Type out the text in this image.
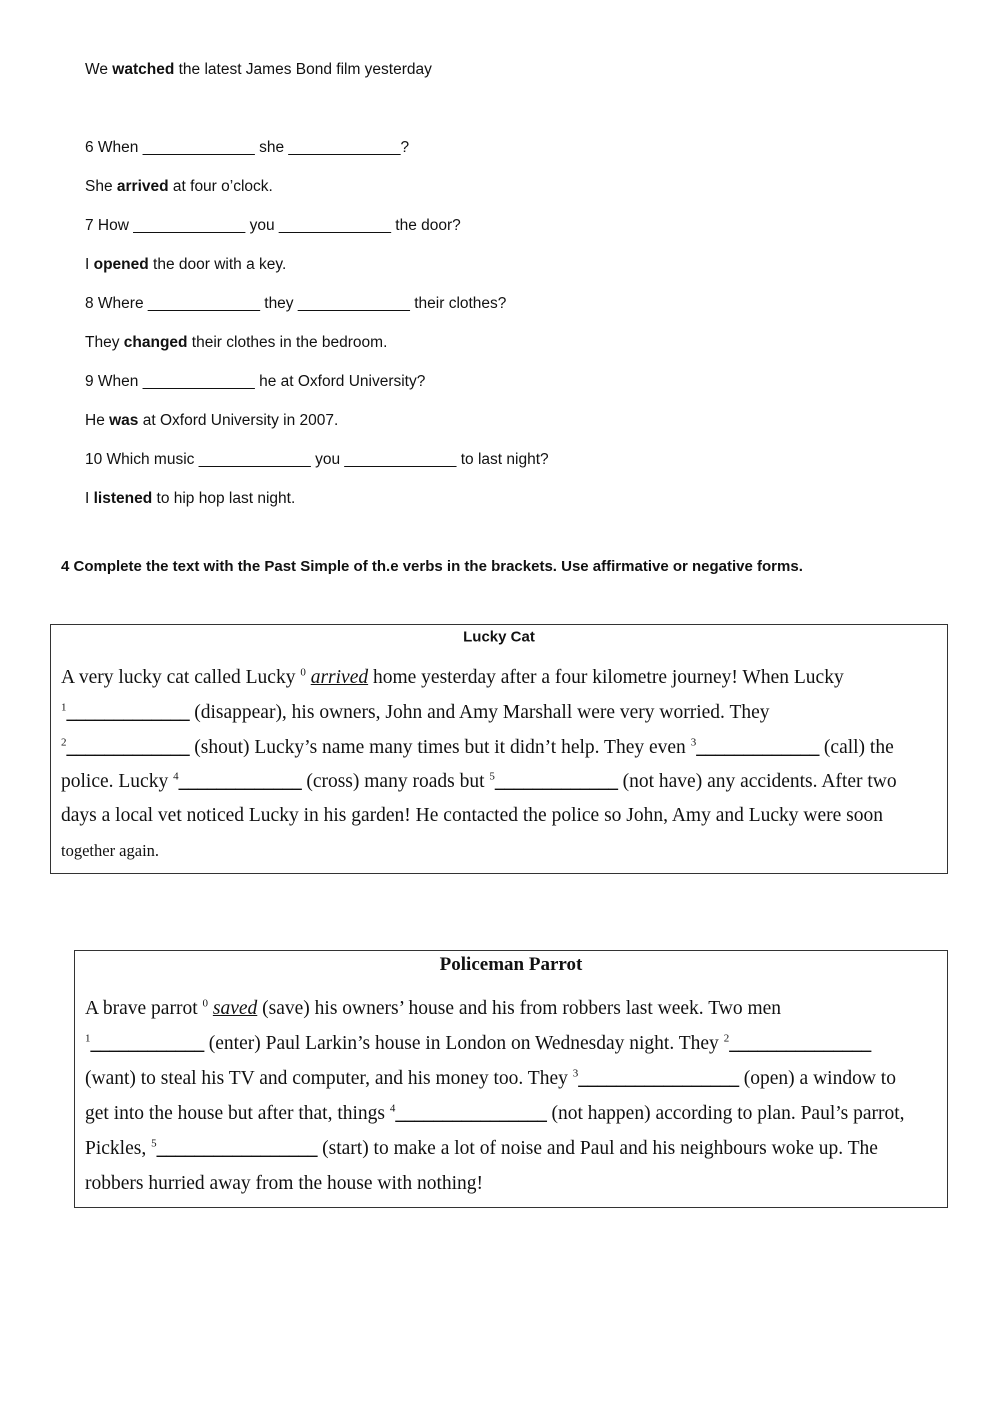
We watched the latest James Bond film yesterday
6 When _____________ she _____________?
She arrived at four o’clock.
7 How _____________ you _____________ the door?
I opened the door with a key.
8 Where _____________ they _____________ their clothes?
They changed their clothes in the bedroom.
9 When _____________ he at Oxford University?
He was at Oxford University in 2007.
10 Which music _____________ you _____________ to last night?
I listened to hip hop last night.
4 Complete the text with the Past Simple of th.e verbs in the brackets. Use affirmative or negative forms.
Lucky Cat
A very lucky cat called Lucky $^0$ arrived home yesterday after a four kilometre journey! When Lucky
$^1$_____________ (disappear), his owners, John and Amy Marshall were very worried. They
$^2$_____________ (shout) Lucky’s name many times but it didn’t help. They even $^3$_____________ (call) the
police. Lucky $^4$_____________ (cross) many roads but $^5$_____________ (not have) any accidents. After two
days a local vet noticed Lucky in his garden! He contacted the police so John, Amy and Lucky were soon
together again.
Policeman Parrot
A brave parrot $^0$ saved (save) his owners’ house and his from robbers last week. Two men
$^1$____________ (enter) Paul Larkin’s house in London on Wednesday night. They $^2$_______________
(want) to steal his TV and computer, and his money too. They $^3$_________________ (open) a window to
get into the house but after that, things $^4$________________ (not happen) according to plan. Paul’s parrot,
Pickles, $^5$_________________ (start) to make a lot of noise and Paul and his neighbours woke up. The
robbers hurried away from the house with nothing!
